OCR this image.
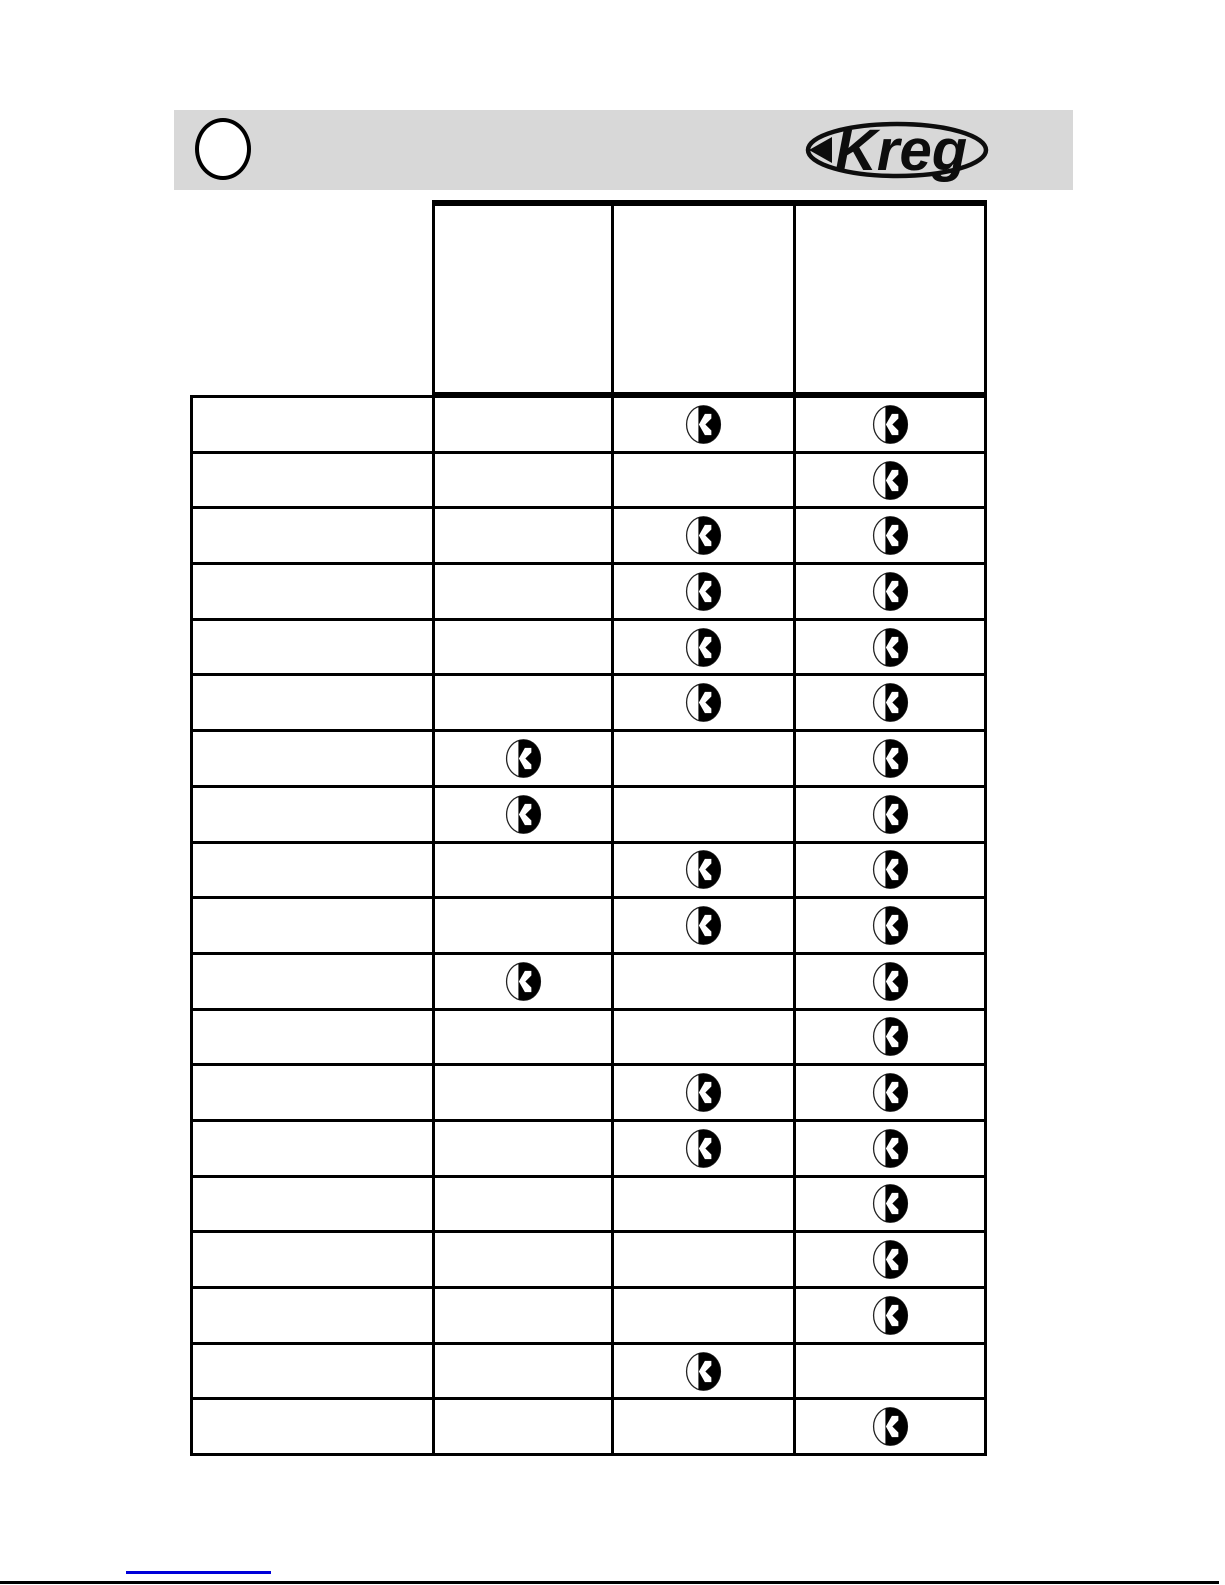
Kreg
